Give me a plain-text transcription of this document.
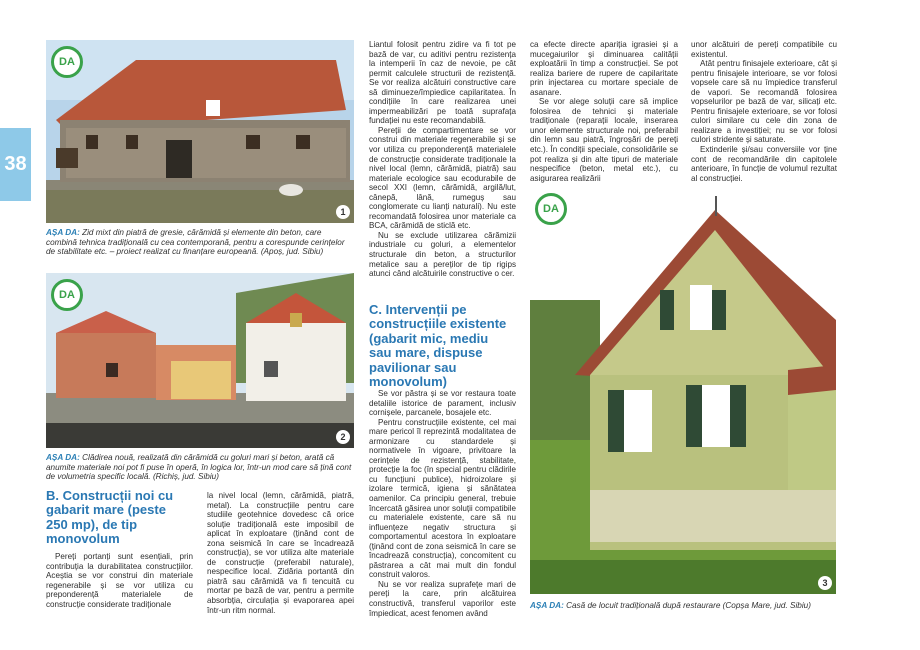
38
DA
1
AȘA DA: Zid mixt din piatră de gresie, cărămidă și elemente din beton, care combină tehnica tradițională cu cea contemporană, pentru a corespunde cerințelor de stabilitate etc. – proiect realizat cu finanțare europeană. (Apoș, jud. Sibiu)
DA
2
AȘA DA: Clădirea nouă, realizată din cărămidă cu goluri mari și beton, arată că anumite materiale noi pot fi puse în operă, în logica lor, într-un mod care să țină cont de volumetria specific locală. (Richiș, jud. Sibiu)
B. Construcții noi cu gabarit mare (peste 250 mp), de tip monovolum

Pereți portanți sunt esențiali, prin contribuția la durabilitatea construcțiilor. Aceștia se vor construi din materiale regenerabile și se vor utiliza cu preponderență materialele de construcție considerate tradiționale

la nivel local (lemn, cărămidă, piatră, metal). La construcțiile pentru care studiile geotehnice dovedesc că orice soluție tradițională este imposibil de aplicat în exploatare (ținând cont de zona seismică în care se încadrează construcția), se vor utiliza alte materiale de construcție (preferabil naturale), nespecifice local. Zidăria portantă din piatră sau cărămidă va fi tencuită cu mortar pe bază de var, pentru a permite absorbția, circulația și evaporarea apei într-un ritm normal.

Liantul folosit pentru zidire va fi tot pe bază de var, cu aditivi pentru rezistența la intemperii în caz de nevoie, pe cât permit calculele structurii de rezistență. Se vor realiza alcătuiri constructive care să diminueze/împiedice capilaritatea. În condițiile în care realizarea unei impermeabilizări pe toată suprafața fundației nu este recomandabilă.

Pereții de compartimentare se vor construi din materiale regenerabile și se vor utiliza cu preponderență materialele de construcție considerate tradiționale la nivel local (lemn, cărămidă, piatră) sau materiale ecologice sau ecodurabile de secol XXI (lemn, cărămidă, argilă/lut, cânepă, lână, rumeguș sau conglomerate cu lianți naturali). Nu este recomandată folosirea unor materiale ca BCA, cărămidă de sticlă etc.

Nu se exclude utilizarea cărămizii industriale cu goluri, a elementelor structurale din beton, a structurilor metalice sau a pereților de tip rigips atunci când alcătuirile constructive o cer.

C. Intervenții pe construcțiile existente (gabarit mic, mediu sau mare, dispuse pavilionar sau monovolum)

Se vor păstra și se vor restaura toate detaliile istorice de parament, inclusiv cornișele, parcanele, bosajele etc.

Pentru construcțiile existente, cel mai mare pericol îl reprezintă modalitatea de armonizare cu standardele și normativele în vigoare, privitoare la cerințele de rezistență, stabilitate, protecție la foc (în special pentru clădirile cu funcțiuni publice), hidroizolare și izolare termică, igiena și sănătatea oamenilor. Ca principiu general, trebuie încercată găsirea unor soluții compatibile cu materialele existente, care să nu influențeze negativ structura și comportamentul acestora în exploatare (ținând cont de zona seismică în care se încadrează construcția), concomitent cu păstrarea a cât mai mult din fondul construit valoros.

Nu se vor realiza suprafețe mari de pereți la care, prin alcătuirea constructivă, transferul vaporilor este împiedicat, acest fenomen având

ca efecte directe apariția igrasiei și a mucegaiurilor și diminuarea calității exploatării în timp a construcției. Se pot realiza bariere de rupere de capilaritate prin injectarea cu mortare speciale de asanare.

Se vor alege soluții care să implice folosirea de tehnici și materiale tradiționale (reparații locale, inserarea unor elemente structurale noi, preferabil din lemn sau piatră, îngroșări de pereți etc.). În condiții speciale, consolidările se pot realiza și din alte tipuri de materiale nespecifice (beton, metal etc.), cu asigurarea realizării

unor alcătuiri de pereți compatibile cu existentul.

Atât pentru finisajele exterioare, cât și pentru finisajele interioare, se vor folosi vopsele care să nu împiedice transferul de vapori. Se recomandă folosirea vopselurilor pe bază de var, silicați etc. Pentru finisajele exterioare, se vor folosi culori similare cu cele din zona de realizare a investiției; nu se vor folosi culori stridente și saturate.

Extinderile și/sau conversiile vor ține cont de recomandările din capitolele anterioare, în funcție de volumul rezultat al construcției.

DA
3
AȘA DA: Casă de locuit tradițională după restaurare (Copșa Mare, jud. Sibiu)
